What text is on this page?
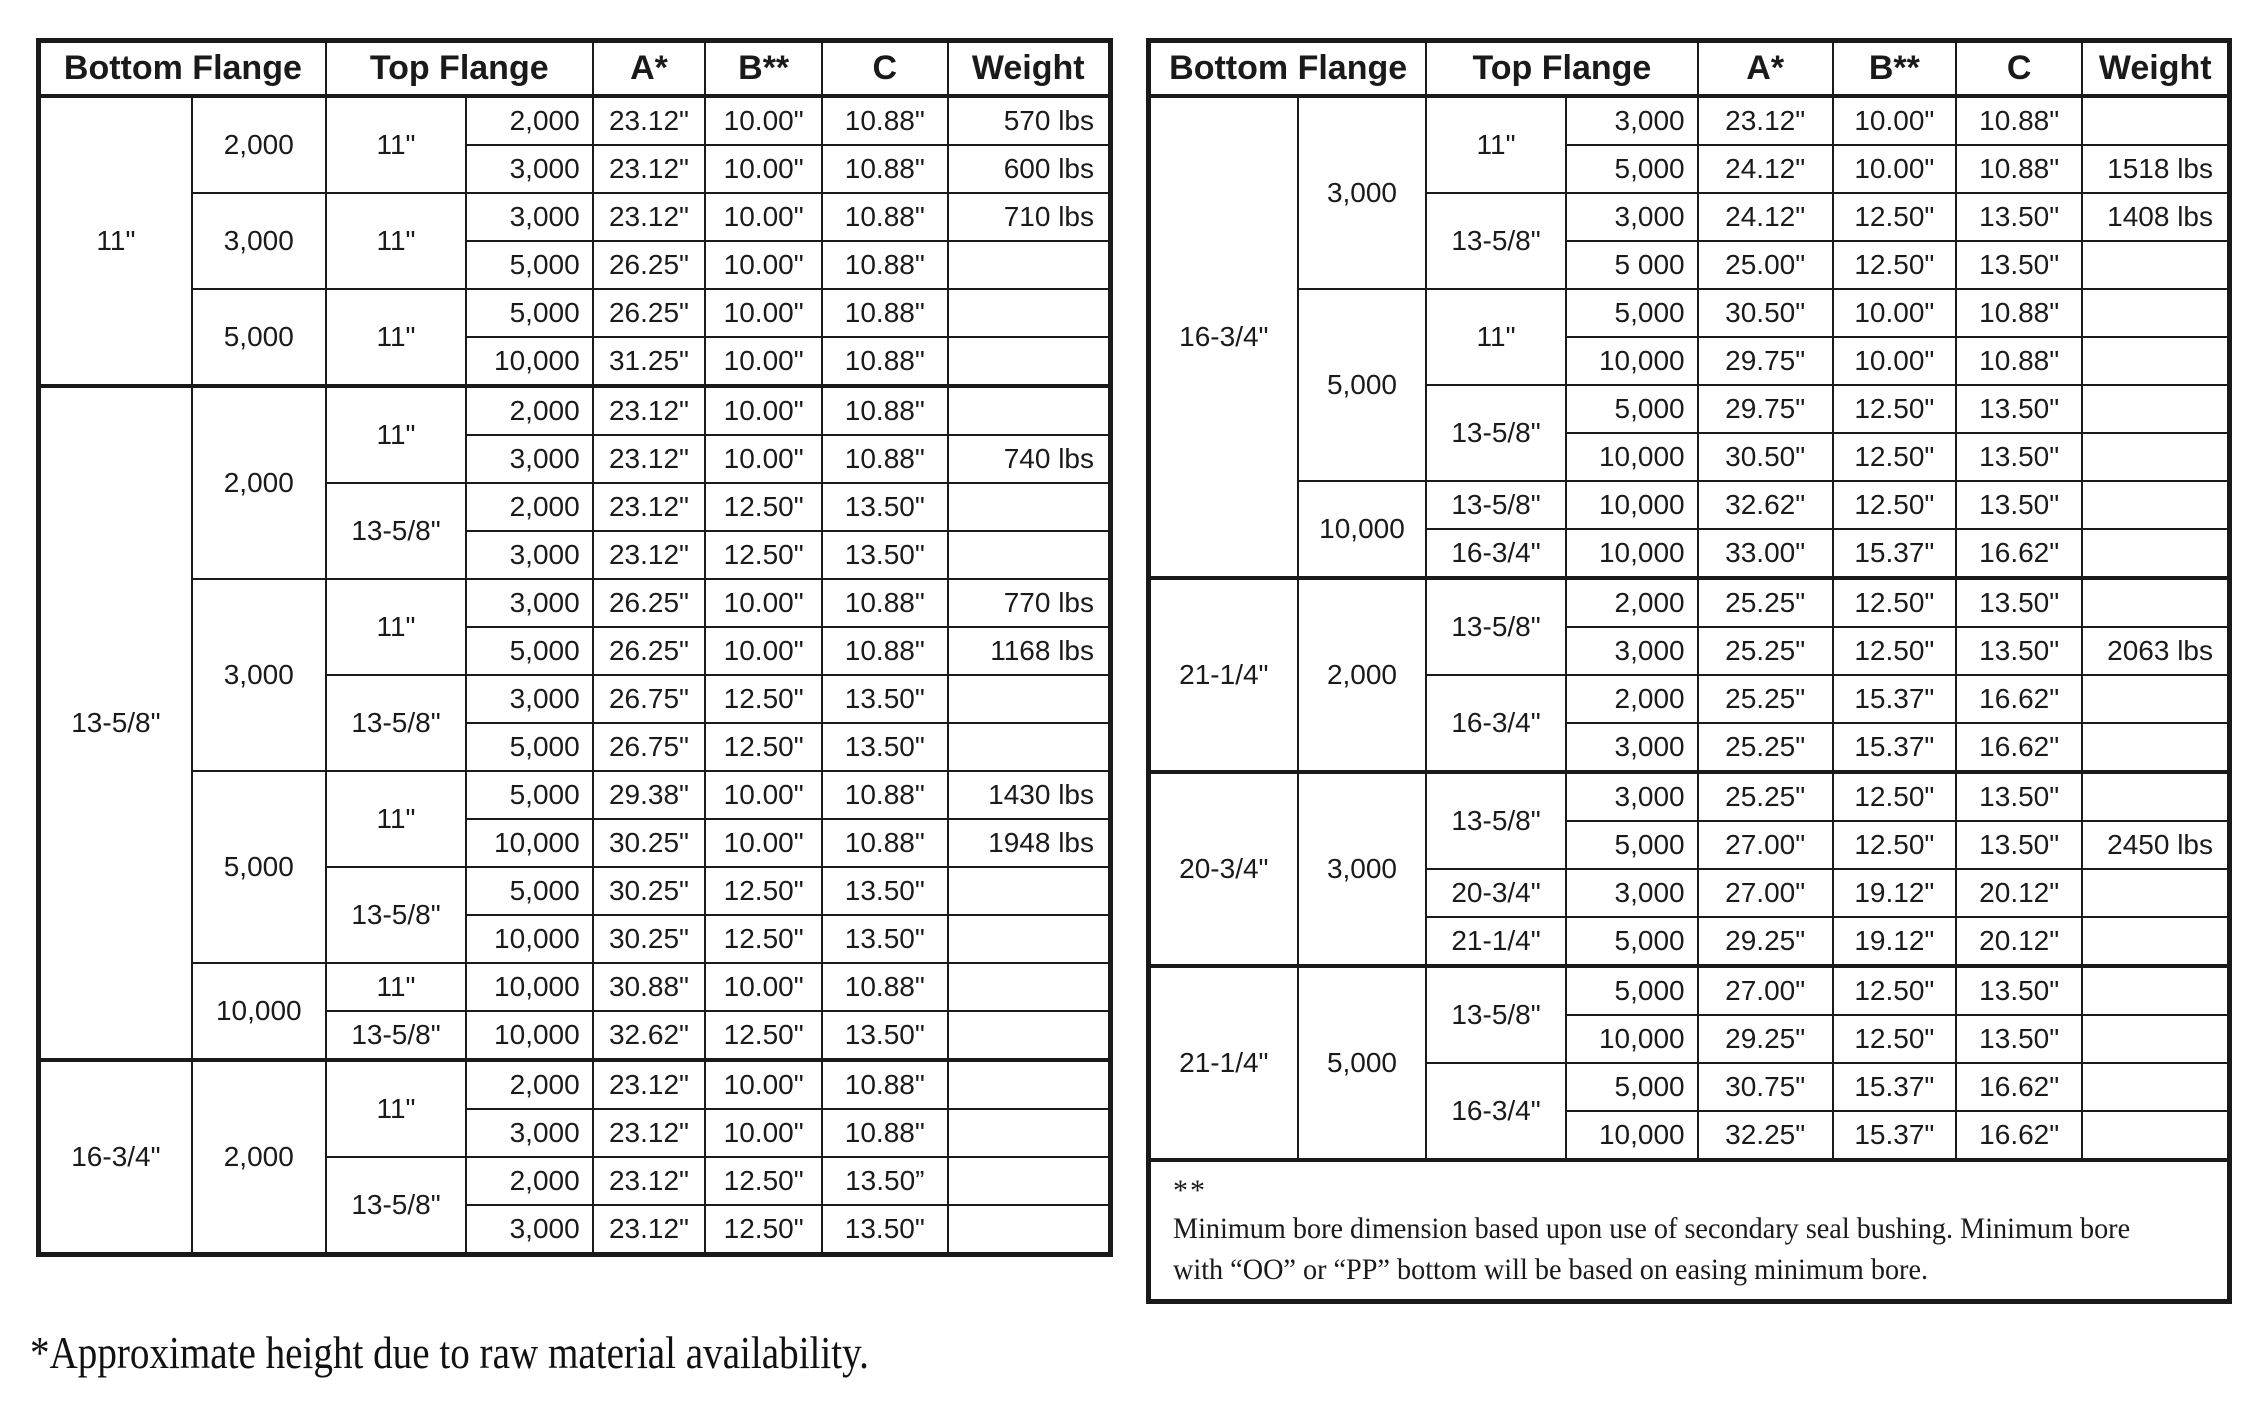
Bottom Flange		Top Flange		A*	B**	C	Weight
11"	2,000	11"	2,000	23.12"	10.00"	10.88"	570 lbs
			3,000	23.12"	10.00"	10.88"	600 lbs
	3,000	11"	3,000	23.12"	10.00"	10.88"	710 lbs
			5,000	26.25"	10.00"	10.88"	
	5,000	11"	5,000	26.25"	10.00"	10.88"	
			10,000	31.25"	10.00"	10.88"	
13-5/8"	2,000	11"	2,000	23.12"	10.00"	10.88"	
			3,000	23.12"	10.00"	10.88"	740 lbs
		13-5/8"	2,000	23.12"	12.50"	13.50"	
			3,000	23.12"	12.50"	13.50"	
	3,000	11"	3,000	26.25"	10.00"	10.88"	770 lbs
			5,000	26.25"	10.00"	10.88"	1168 lbs
		13-5/8"	3,000	26.75"	12.50"	13.50"	
			5,000	26.75"	12.50"	13.50"	
	5,000	11"	5,000	29.38"	10.00"	10.88"	1430 lbs
			10,000	30.25"	10.00"	10.88"	1948 lbs
		13-5/8"	5,000	30.25"	12.50"	13.50"	
			10,000	30.25"	12.50"	13.50"	
	10,000	11"	10,000	30.88"	10.00"	10.88"	
		13-5/8"	10,000	32.62"	12.50"	13.50"	
16-3/4"	2,000	11"	2,000	23.12"	10.00"	10.88"	
			3,000	23.12"	10.00"	10.88"	
		13-5/8"	2,000	23.12"	12.50"	13.50”	
			3,000	23.12"	12.50"	13.50"	
Bottom Flange		Top Flange		A*	B**	C	Weight
16-3/4"	3,000	11"	3,000	23.12"	10.00"	10.88"	
			5,000	24.12"	10.00"	10.88"	1518 lbs
		13-5/8"	3,000	24.12"	12.50"	13.50"	1408 lbs
			5 000	25.00"	12.50"	13.50"	
	5,000	11"	5,000	30.50"	10.00"	10.88"	
			10,000	29.75"	10.00"	10.88"	
		13-5/8"	5,000	29.75"	12.50"	13.50"	
			10,000	30.50"	12.50"	13.50"	
	10,000	13-5/8"	10,000	32.62"	12.50"	13.50"	
		16-3/4"	10,000	33.00"	15.37"	16.62"	
21-1/4"	2,000	13-5/8"	2,000	25.25"	12.50"	13.50"	
			3,000	25.25"	12.50"	13.50"	2063 lbs
		16-3/4"	2,000	25.25"	15.37"	16.62"	
			3,000	25.25"	15.37"	16.62"	
20-3/4"	3,000	13-5/8"	3,000	25.25"	12.50"	13.50"	
			5,000	27.00"	12.50"	13.50"	2450 lbs
		20-3/4"	3,000	27.00"	19.12"	20.12"	
		21-1/4"	5,000	29.25"	19.12"	20.12"	
21-1/4"	5,000	13-5/8"	5,000	27.00"	12.50"	13.50"	
			10,000	29.25"	12.50"	13.50"	
		16-3/4"	5,000	30.75"	15.37"	16.62"	
			10,000	32.25"	15.37"	16.62"	
**Minimum bore dimension based upon use of secondary seal bushing. Minimum bore
with “OO” or “PP” bottom will be based on easing minimum bore.							
*Approximate height due to raw material availability.
